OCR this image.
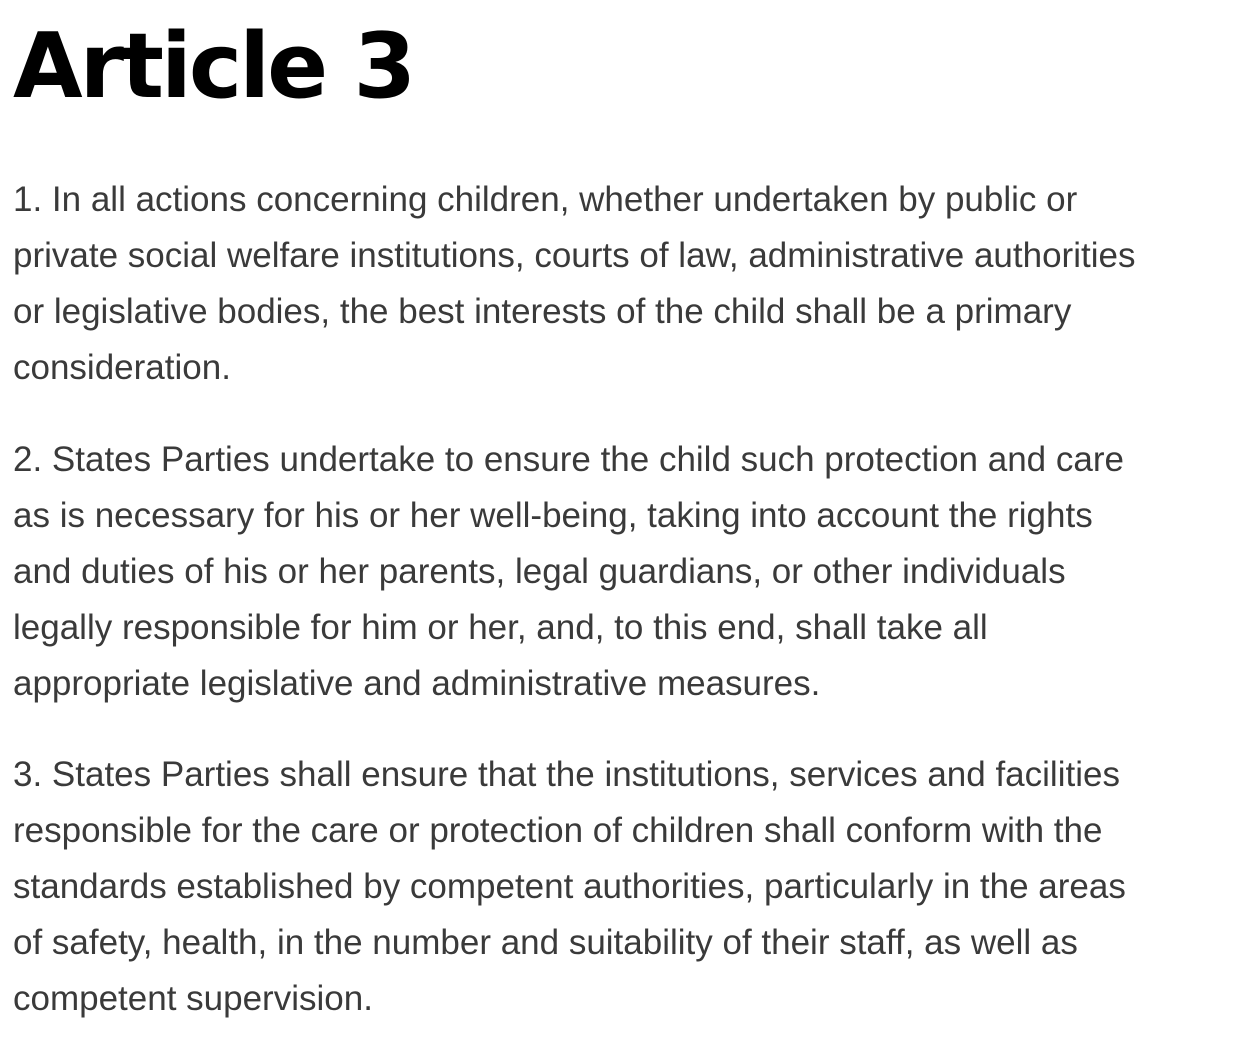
Article 3

1. In all actions concerning children, whether undertaken by public or
private social welfare institutions, courts of law, administrative authorities
or legislative bodies, the best interests of the child shall be a primary
consideration.

2. States Parties undertake to ensure the child such protection and care
as is necessary for his or her well-being, taking into account the rights
and duties of his or her parents, legal guardians, or other individuals
legally responsible for him or her, and, to this end, shall take all
appropriate legislative and administrative measures.

3. States Parties shall ensure that the institutions, services and facilities
responsible for the care or protection of children shall conform with the
standards established by competent authorities, particularly in the areas
of safety, health, in the number and suitability of their staff, as well as
competent supervision.
